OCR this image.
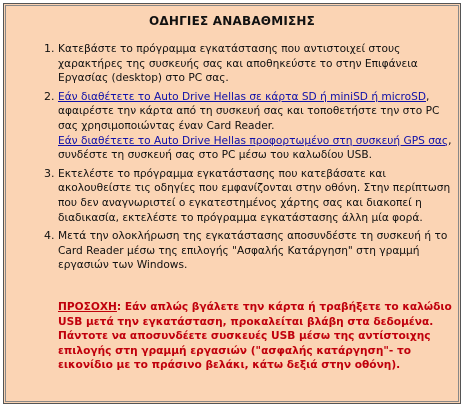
ΟΔΗΓΙΕΣ ΑΝΑΒΑΘΜΙΣΗΣ
1. Κατεβάστε το πρόγραμμα εγκατάστασης που αντιστοιχεί στους χαρακτήρες της συσκευής σας και αποθηκεύστε το στην Επιφάνεια Εργασίας (desktop) στο PC σας.
2. Εάν διαθέτετε το Auto Drive Hellas σε κάρτα SD ή miniSD ή microSD, αφαιρέστε την κάρτα από τη συσκευή σας και τοποθετήστε την στο PC σας χρησιμοποιώντας έναν Card Reader.
Εάν διαθέτετε το Auto Drive Hellas προφορτωμένο στη συσκευή GPS σας, συνδέστε τη συσκευή σας στο PC μέσω του καλωδίου USB.
3. Εκτελέστε το πρόγραμμα εγκατάστασης που κατεβάσατε και ακολουθείστε τις οδηγίες που εμφανίζονται στην οθόνη. Στην περίπτωση που δεν αναγνωριστεί ο εγκατεστημένος χάρτης σας και διακοπεί η διαδικασία, εκτελέστε το πρόγραμμα εγκατάστασης άλλη μία φορά.
4. Μετά την ολοκλήρωση της εγκατάστασης αποσυνδέστε τη συσκευή ή το Card Reader μέσω της επιλογής "Ασφαλής Κατάργηση" στη γραμμή εργασιών των Windows.
ΠΡΟΣΟΧΗ: Εάν απλώς βγάλετε την κάρτα ή τραβήξετε το καλώδιο USB μετά την εγκατάσταση, προκαλείται βλάβη στα δεδομένα. Πάντοτε να αποσυνδέετε συσκευές USB μέσω της αντίστοιχης επιλογής στη γραμμή εργασιών ("ασφαλής κατάργηση"- το εικονίδιο με το πράσινο βελάκι, κάτω δεξιά στην οθόνη).
